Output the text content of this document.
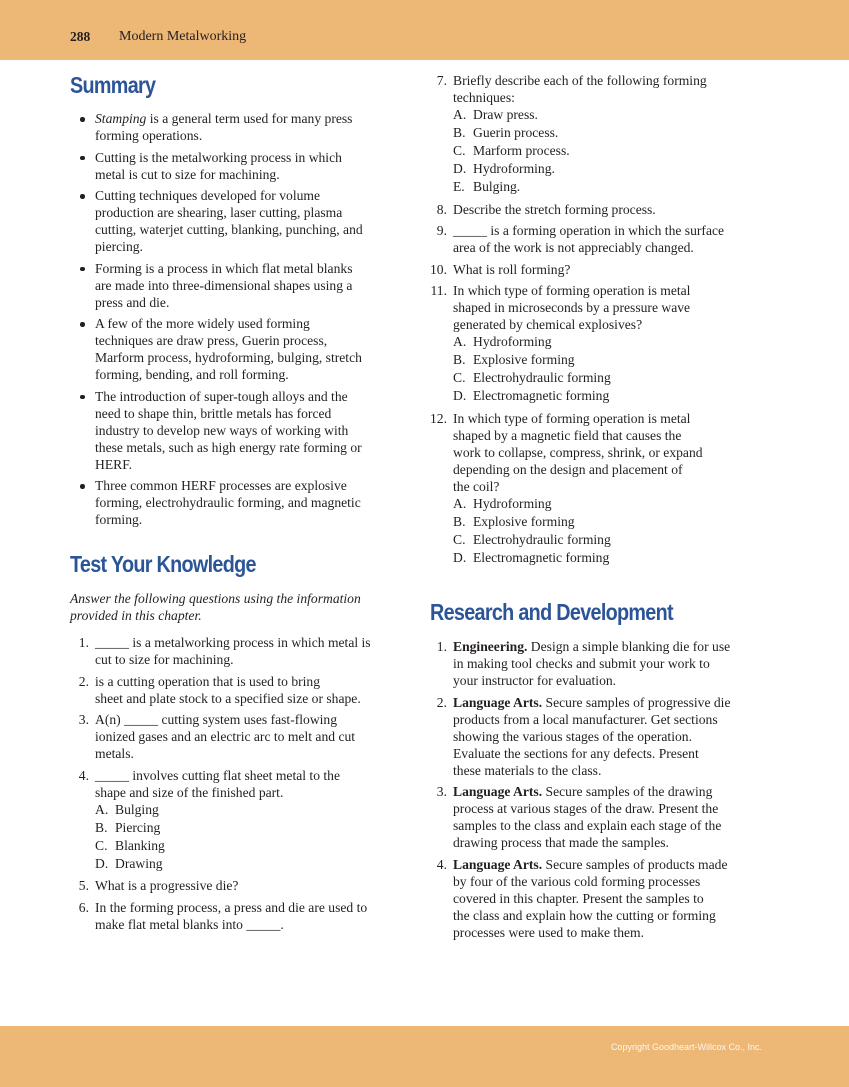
288 Modern Metalworking
Summary
Stamping is a general term used for many press
forming operations.
Cutting is the metalworking process in which
metal is cut to size for machining.
Cutting techniques developed for volume
production are shearing, laser cutting, plasma
cutting, waterjet cutting, blanking, punching, and
piercing.
Forming is a process in which flat metal blanks
are made into three-dimensional shapes using a
press and die.
A few of the more widely used forming
techniques are draw press, Guerin process,
Marform process, hydroforming, bulging, stretch
forming, bending, and roll forming.
The introduction of super-tough alloys and the
need to shape thin, brittle metals has forced
industry to develop new ways of working with
these metals, such as high energy rate forming or
HERF.
Three common HERF processes are explosive
forming, electrohydraulic forming, and magnetic
forming.
Test Your Knowledge
Answer the following questions using the information
provided in this chapter.
1. _____ is a metalworking process in which metal is
cut to size for machining.
2. is a cutting operation that is used to bring
sheet and plate stock to a specified size or shape.
3. A(n) _____ cutting system uses fast-flowing
ionized gases and an electric arc to melt and cut
metals.
4. _____ involves cutting flat sheet metal to the
shape and size of the finished part.
A. Bulging
B. Piercing
C. Blanking
D. Drawing
5. What is a progressive die?
6. In the forming process, a press and die are used to
make flat metal blanks into _____.
7. Briefly describe each of the following forming
techniques:
A. Draw press.
B. Guerin process.
C. Marform process.
D. Hydroforming.
E. Bulging.
8. Describe the stretch forming process.
9. _____ is a forming operation in which the surface
area of the work is not appreciably changed.
10. What is roll forming?
11. In which type of forming operation is metal
shaped in microseconds by a pressure wave
generated by chemical explosives?
A. Hydroforming
B. Explosive forming
C. Electrohydraulic forming
D. Electromagnetic forming
12. In which type of forming operation is metal
shaped by a magnetic field that causes the
work to collapse, compress, shrink, or expand
depending on the design and placement of
the coil?
A. Hydroforming
B. Explosive forming
C. Electrohydraulic forming
D. Electromagnetic forming
Research and Development
1. Engineering. Design a simple blanking die for use
in making tool checks and submit your work to
your instructor for evaluation.
2. Language Arts. Secure samples of progressive die
products from a local manufacturer. Get sections
showing the various stages of the operation.
Evaluate the sections for any defects. Present
these materials to the class.
3. Language Arts. Secure samples of the drawing
process at various stages of the draw. Present the
samples to the class and explain each stage of the
drawing process that made the samples.
4. Language Arts. Secure samples of products made
by four of the various cold forming processes
covered in this chapter. Present the samples to
the class and explain how the cutting or forming
processes were used to make them.
Copyright Goodheart-Willcox Co., Inc.
